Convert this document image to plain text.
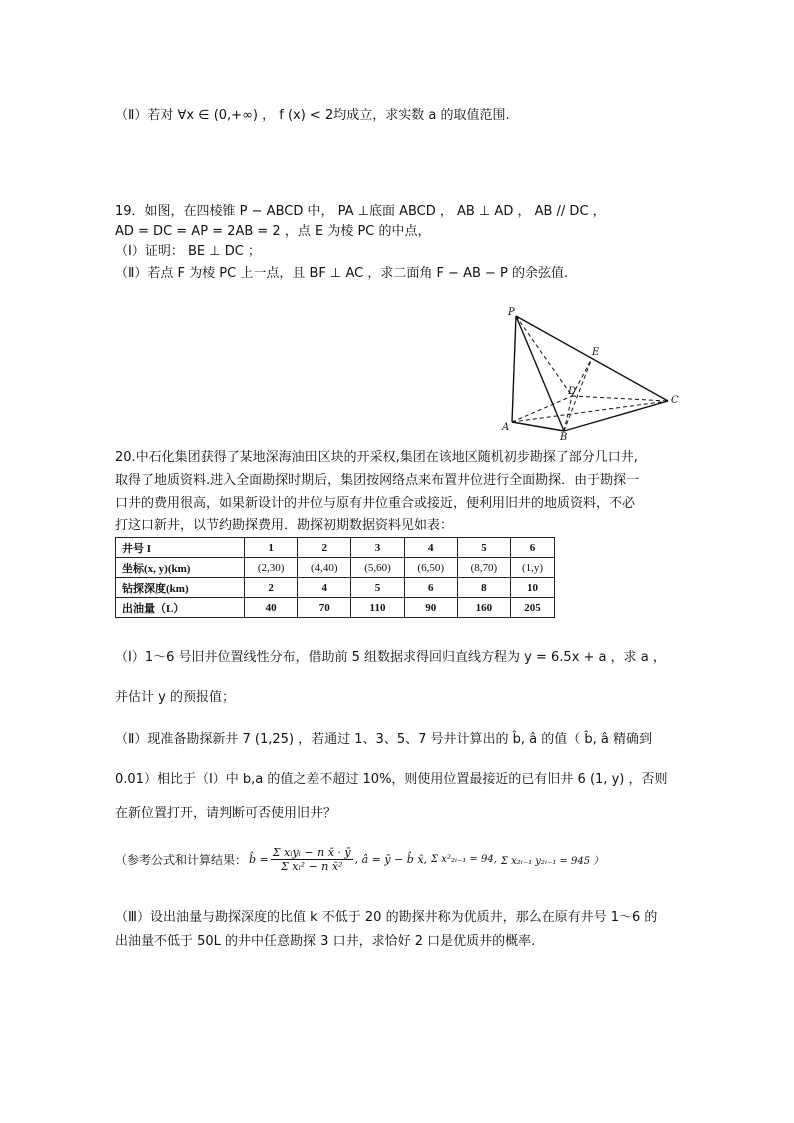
（Ⅱ）若对 ∀x ∈ (0,+∞) ， f (x) < 2均成立，求实数 a 的取值范围.
19．如图，在四棱锥 P − ABCD 中， PA ⊥底面 ABCD ， AB ⊥ AD ， AB // DC ，
AD = DC = AP = 2AB = 2 ，点 E 为棱 PC 的中点，
（Ⅰ）证明： BE ⊥ DC ；
（Ⅱ）若点 F 为棱 PC 上一点，且 BF ⊥ AC ，求二面角 F − AB − P 的余弦值.
P
E
D
C
A
B
20.中石化集团获得了某地深海油田区块的开采权,集团在该地区随机初步勘探了部分几口井,
取得了地质资料.进入全面勘探时期后，集团按网络点来布置井位进行全面勘探．由于勘探一
口井的费用很高，如果新设计的井位与原有井位重合或接近，便利用旧井的地质资料，不必
打这口新井，以节约勘探费用．勘探初期数据资料见如表：
井号 I	1	2	3	4	5	6
坐标(x, y)(km)	(2,30)	(4,40)	(5,60)	(6,50)	(8,70)	(1,y)
钻探深度(km)	2	4	5	6	8	10
出油量（L）	40	70	110	90	160	205
（Ⅰ）1～6 号旧井位置线性分布，借助前 5 组数据求得回归直线方程为 y = 6.5x + a ，求 a ，
并估计 y 的预报值；
（Ⅱ）现准备勘探新井 7 (1,25) ，若通过 1、3、5、7 号井计算出的 b̂, â 的值（ b̂, â 精确到
0.01）相比于（Ⅰ）中 b,a 的值之差不超过 10%，则使用位置最接近的已有旧井 6 (1, y) ，否则
在新位置打开，请判断可否使用旧井？
（参考公式和计算结果： b̂ = $\frac{\text{Σ xᵢyᵢ − n x̄ · ȳ}}{\text{Σ xᵢ² − n x̄²}}$ , â = ȳ − b̂ x̄, Σ x²₂ᵢ₋₁ = 94, Σ x₂ᵢ₋₁ y₂ᵢ₋₁ = 945 ）
（Ⅲ）设出油量与勘探深度的比值 k 不低于 20 的勘探井称为优质井，那么在原有井号 1～6 的
出油量不低于 50L 的井中任意勘探 3 口井，求恰好 2 口是优质井的概率.
